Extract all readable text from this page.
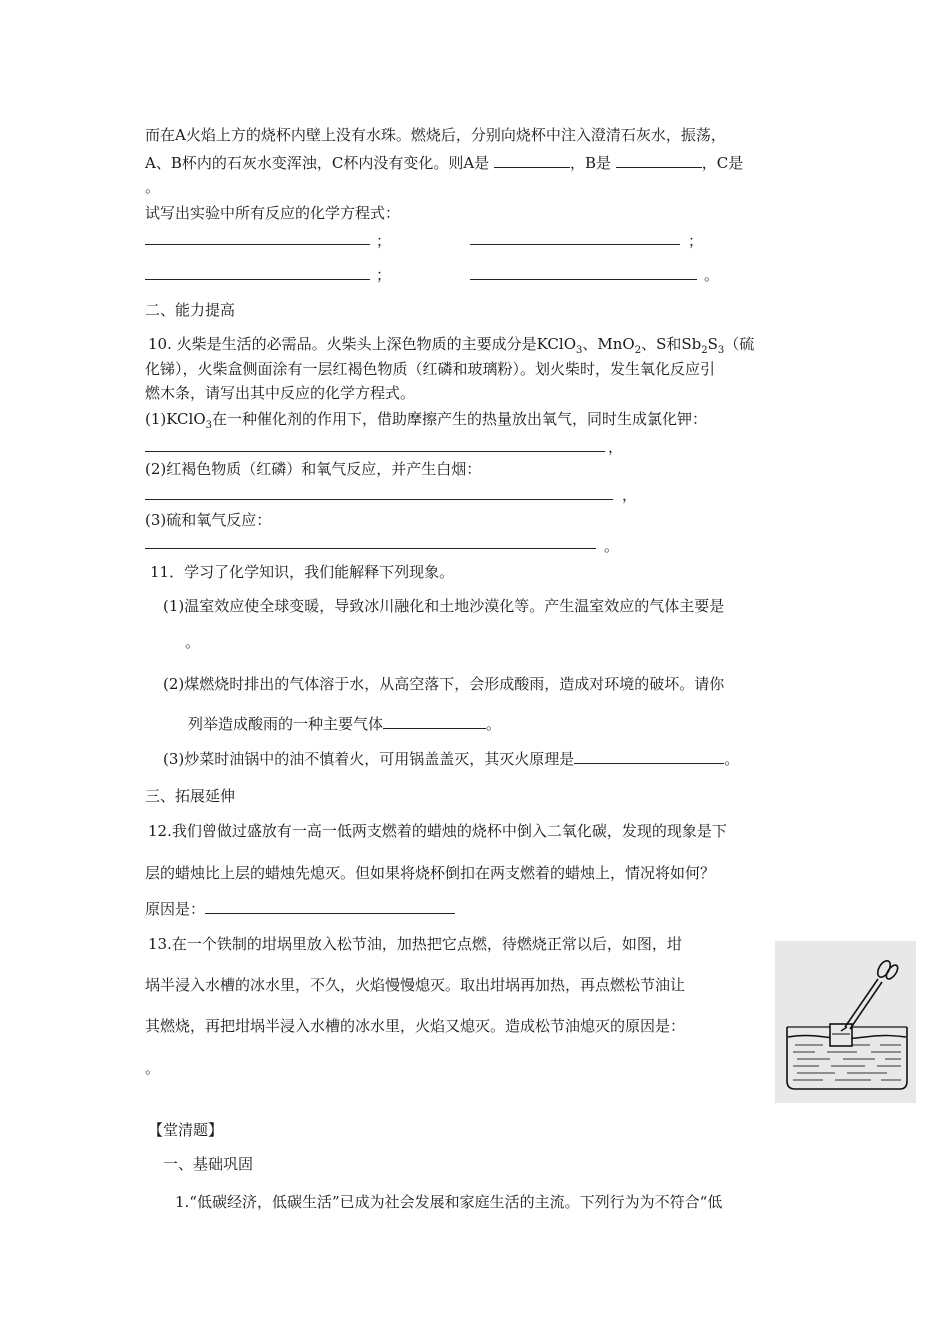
而在A火焰上方的烧杯内壁上没有水珠。燃烧后，分别向烧杯中注入澄清石灰水，振荡，
A、B杯内的石灰水变浑浊，C杯内没有变化。则A是	，B是	，C是
。
试写出实验中所有反应的化学方程式：
；	；
；	。
二、能力提高
10. 火柴是生活的必需品。火柴头上深色物质的主要成分是KClO$_3$、MnO$_2$、S和$Sb_2S_3$（硫
化锑），火柴盒侧面涂有一层红褐色物质（红磷和玻璃粉）。划火柴时，发生氧化反应引
燃木条，请写出其中反应的化学方程式。
(1)KClO$_3$在一种催化剂的作用下，借助摩擦产生的热量放出氧气，同时生成氯化钾：
，
(2)红褐色物质（红磷）和氧气反应，并产生白烟：
，
(3)硫和氧气反应：
。
11．学习了化学知识，我们能解释下列现象。
(1)温室效应使全球变暖，导致冰川融化和土地沙漠化等。产生温室效应的气体主要是
。
(2)煤燃烧时排出的气体溶于水，从高空落下，会形成酸雨，造成对环境的破坏。请你
列举造成酸雨的一种主要气体	。
(3)炒菜时油锅中的油不慎着火，可用锅盖盖灭，其灭火原理是	。
三、拓展延伸
12.我们曾做过盛放有一高一低两支燃着的蜡烛的烧杯中倒入二氧化碳，发现的现象是下
层的蜡烛比上层的蜡烛先熄灭。但如果将烧杯倒扣在两支燃着的蜡烛上，情况将如何？
原因是：
13.在一个铁制的坩埚里放入松节油，加热把它点燃，待燃烧正常以后，如图，坩
埚半浸入水槽的冰水里，不久，火焰慢慢熄灭。取出坩埚再加热，再点燃松节油让
其燃烧，再把坩埚半浸入水槽的冰水里，火焰又熄灭。造成松节油熄灭的原因是：
。
【堂清题】
一、基础巩固
1.“低碳经济，低碳生活”已成为社会发展和家庭生活的主流。下列行为为不符合“低
